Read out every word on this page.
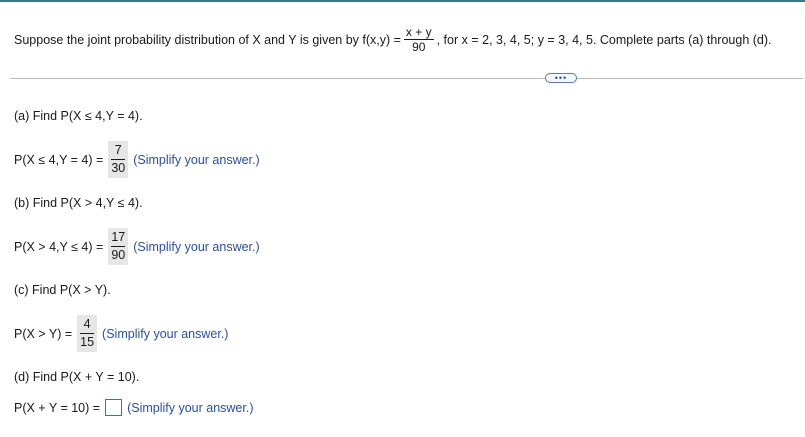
Suppose the joint probability distribution of X and Y is given by $f(x,y) = \frac{x + y}{90}$ , for x = 2, 3, 4, 5; y = 3, 4, 5. Complete parts (a) through (d).
•••
(a) Find P(X ≤ 4,Y = 4).
$P(X \le 4,Y = 4) = \frac{7}{30}$ (Simplify your answer.)
(b) Find P(X > 4,Y ≤ 4).
$P(X > 4,Y \le 4) = \frac{17}{90}$ (Simplify your answer.)
(c) Find P(X > Y).
$P(X > Y) = \frac{4}{15}$ (Simplify your answer.)
(d) Find P(X + Y = 10).
P(X + Y = 10) = (Simplify your answer.)
